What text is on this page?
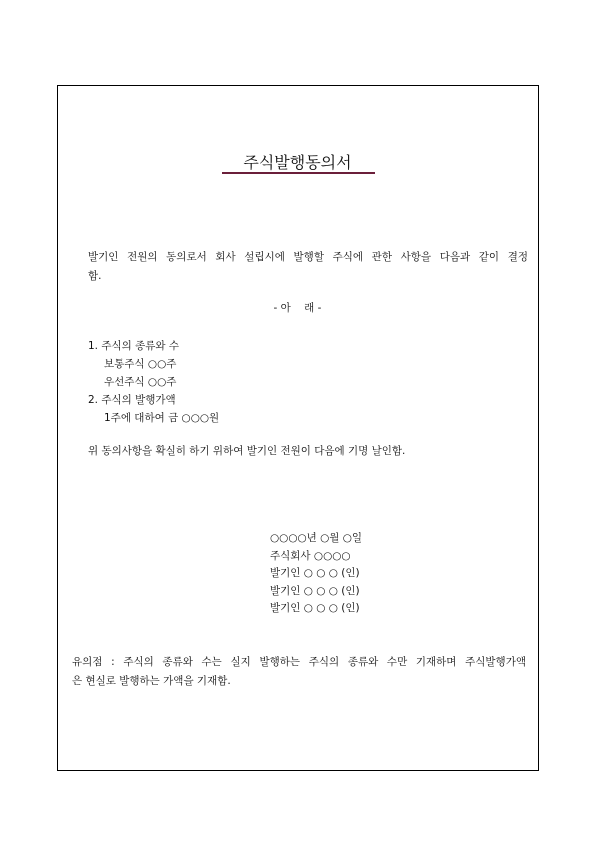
주식발행동의서
발기인 전원의 동의로서 회사 설립시에 발행할 주식에 관한 사항을 다음과 같이 결정
함.
- 아    래 -
1. 주식의 종류와 수
보통주식 ○○주
우선주식 ○○주
2. 주식의 발행가액
1주에 대하여 금 ○○○원
위 동의사항을 확실히 하기 위하여 발기인 전원이 다음에 기명 날인함.
○○○○년 ○월 ○일
주식회사 ○○○○
발기인 ○ ○ ○ (인)
발기인 ○ ○ ○ (인)
발기인 ○ ○ ○ (인)
유의점 : 주식의 종류와 수는 실지 발행하는 주식의 종류와 수만 기재하며 주식발행가액
은 현실로 발행하는 가액을 기재함.
